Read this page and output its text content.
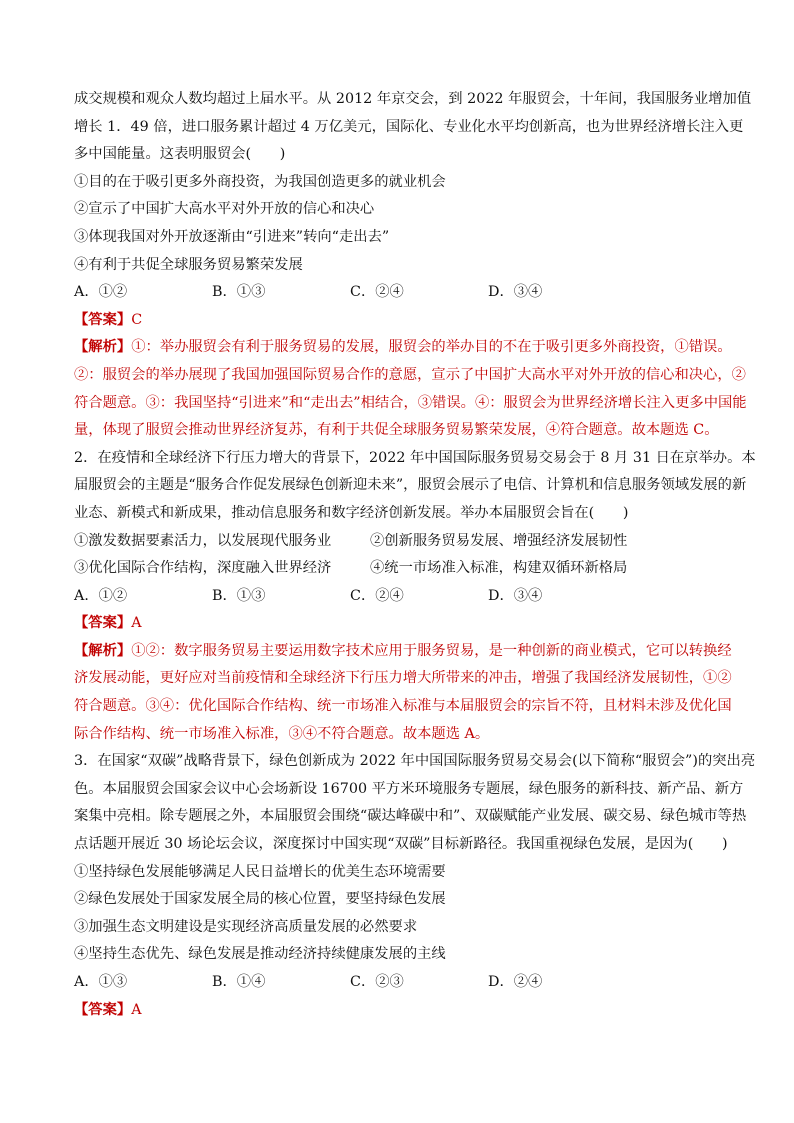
成交规模和观众人数均超过上届水平。从 2012 年京交会，到 2022 年服贸会，十年间，我国服务业增加值
增长 1．49 倍，进口服务累计超过 4 万亿美元，国际化、专业化水平均创新高，也为世界经济增长注入更
多中国能量。这表明服贸会(　　)
①目的在于吸引更多外商投资，为我国创造更多的就业机会
②宣示了中国扩大高水平对外开放的信心和决心
③体现我国对外开放逐渐由“引进来”转向“走出去”
④有利于共促全球服务贸易繁荣发展
A．①②	B．①③	C．②④	D．③④
【答案】C
【解析】①：举办服贸会有利于服务贸易的发展，服贸会的举办目的不在于吸引更多外商投资，①错误。
②：服贸会的举办展现了我国加强国际贸易合作的意愿，宣示了中国扩大高水平对外开放的信心和决心，②
符合题意。③：我国坚持“引进来”和“走出去”相结合，③错误。④：服贸会为世界经济增长注入更多中国能
量，体现了服贸会推动世界经济复苏，有利于共促全球服务贸易繁荣发展，④符合题意。故本题选 C。
2．在疫情和全球经济下行压力增大的背景下，2022 年中国国际服务贸易交易会于 8 月 31 日在京举办。本
届服贸会的主题是“服务合作促发展绿色创新迎未来”，服贸会展示了电信、计算机和信息服务领域发展的新
业态、新模式和新成果，推动信息服务和数字经济创新发展。举办本届服贸会旨在(　　)
①激发数据要素活力，以发展现代服务业	②创新服务贸易发展、增强经济发展韧性
③优化国际合作结构，深度融入世界经济	④统一市场准入标准，构建双循环新格局
A．①②	B．①③	C．②④	D．③④
【答案】A
【解析】①②：数字服务贸易主要运用数字技术应用于服务贸易，是一种创新的商业模式，它可以转换经
济发展动能，更好应对当前疫情和全球经济下行压力增大所带来的冲击，增强了我国经济发展韧性，①②
符合题意。③④：优化国际合作结构、统一市场准入标准与本届服贸会的宗旨不符，且材料未涉及优化国
际合作结构、统一市场准入标准，③④不符合题意。故本题选 A。
3．在国家“双碳”战略背景下，绿色创新成为 2022 年中国国际服务贸易交易会(以下简称“服贸会”)的突出亮
色。本届服贸会国家会议中心会场新设 16700 平方米环境服务专题展，绿色服务的新科技、新产品、新方
案集中亮相。除专题展之外，本届服贸会围绕“碳达峰碳中和”、双碳赋能产业发展、碳交易、绿色城市等热
点话题开展近 30 场论坛会议，深度探讨中国实现“双碳”目标新路径。我国重视绿色发展，是因为(　　)
①坚持绿色发展能够满足人民日益增长的优美生态环境需要
②绿色发展处于国家发展全局的核心位置，要坚持绿色发展
③加强生态文明建设是实现经济高质量发展的必然要求
④坚持生态优先、绿色发展是推动经济持续健康发展的主线
A．①③	B．①④	C．②③	D．②④
【答案】A
